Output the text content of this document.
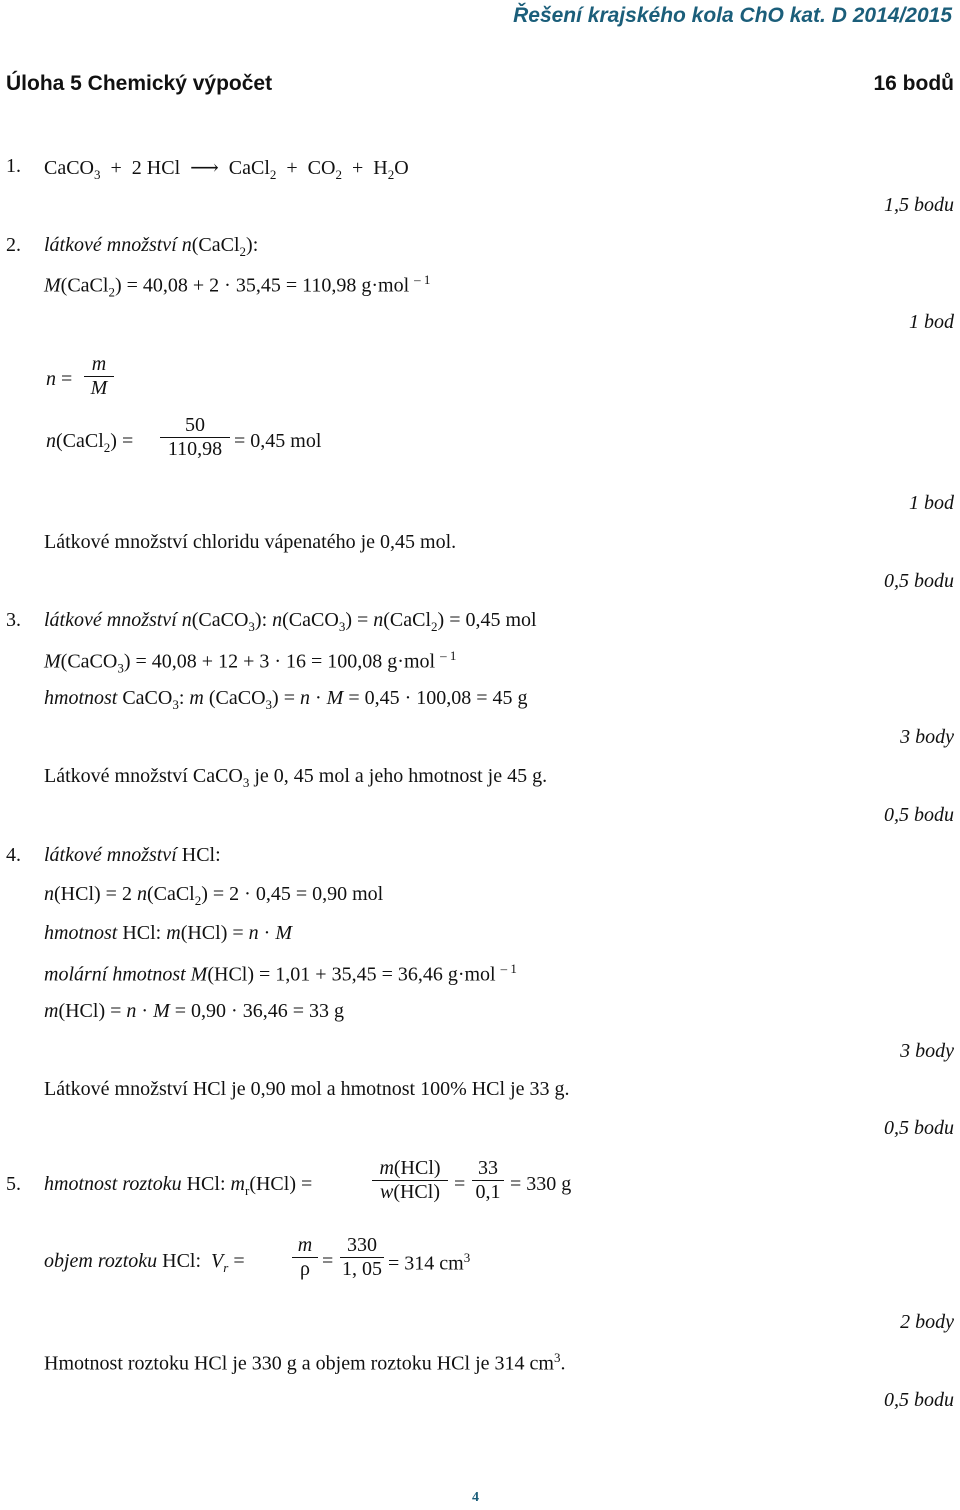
Řešení krajského kola ChO kat. D 2014/2015
Úloha 5 Chemický výpočet	16 bodů
1. CaCO$_3$  +  2 HCl  ⟶  CaCl$_2$  +  $CO_2 + H_2O$
1,5 bodu
2. látkové množství n(CaCl$_2$):
M(CaCl$_2$) = 40,08 + 2 · 35,45 = 110,98 g·mol $^{- 1}$
1 bod
n =
m
M
n(CaCl$_2$) =
50
110,98 = 0,45 mol
1 bod
Látkové množství chloridu vápenatého je 0,45 mol.
0,5 bodu
3. látkové množství n(CaCO$_3$): n(CaCO$_3$) = n(CaCl$_2$) = 0,45 mol
M(CaCO$_3$) = 40,08 + 12 + 3 · 16 = 100,08 g·mol $^{- 1}$
hmotnost CaCO$_3$: m (CaCO$_3$) = n · M = 0,45 · 100,08 = 45 g
3 body
Látkové množství CaCO$_3$ je 0, 45 mol a jeho hmotnost je 45 g.
0,5 bodu
4. látkové množství HCl:
n(HCl) = 2 n(CaCl$_2$) = 2 · 0,45 = 0,90 mol
hmotnost HCl: m(HCl) = n · M
molární hmotnost M(HCl) = 1,01 + 35,45 = 36,46 g·mol $^{- 1}$
m(HCl) = n · M = 0,90 · 36,46 = 33 g
3 body
Látkové množství HCl je 0,90 mol a hmotnost 100% HCl je 33 g.
0,5 bodu
5. hmotnost roztoku HCl: $m_r(HCl)$ =
m(HCl)
w(HCl) =
33
0,1 = 330 g
objem roztoku HCl:  $V_r$ =
m
ρ =
330
1, 05 = 314 $cm^3$
2 body
Hmotnost roztoku HCl je 330 g a objem roztoku HCl je 314 $cm^3$.
0,5 bodu
4
